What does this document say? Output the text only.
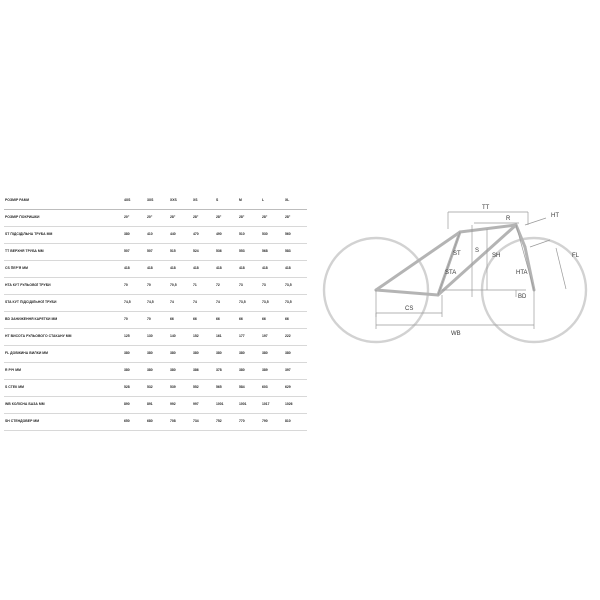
РОЗМІР РАМИ	4XS	3XS	XXS	XS	S	M	L	XL
РОЗМІР ПОКРИШКИ	20"	20"	28"	28"	28"	28"	28"	28"
ST ПІДСІДІЛЬНА ТРУБА ММ	380	410	440	470	490	510	530	560
TT ВЕРХНЯ ТРУБА ММ	507	507	515	524	536	553	568	583
CS ПЕР'Я ММ	418	418	418	418	418	418	418	418
HTA КУТ РУЛЬОВОЇ ТРУБИ	70	70	70,5	71	72	73	73	73,5
STA КУТ ПІДСІДІЛЬНОЇ ТРУБИ	74,5	74,5	74	74	74	73,5	73,5	73,5
BD ЗАНИЖЕННЯ КАРЕТКИ ММ	70	70	66	66	66	66	66	66
HT ВИСОТА РУЛЬОВОГО СТАКАНУ ММ	125	130	140	152	161	177	197	222
FL ДОВЖИНА ВИЛКИ ММ	380	380	380	380	380	380	380	380
R РІЧ ММ	380	380	380	386	378	380	389	397
S СТЕК ММ	528	532	539	552	565	584	603	629
WB КОЛІСНА БАЗА ММ	890	891	992	997	1001	1001	1017	1026
SH СТЕНДОВЕР ММ	650	680	708	734	752	770	790	810
TT
R	HT
ST S
SH
STA	HTA
FL
CS
BD
WB
